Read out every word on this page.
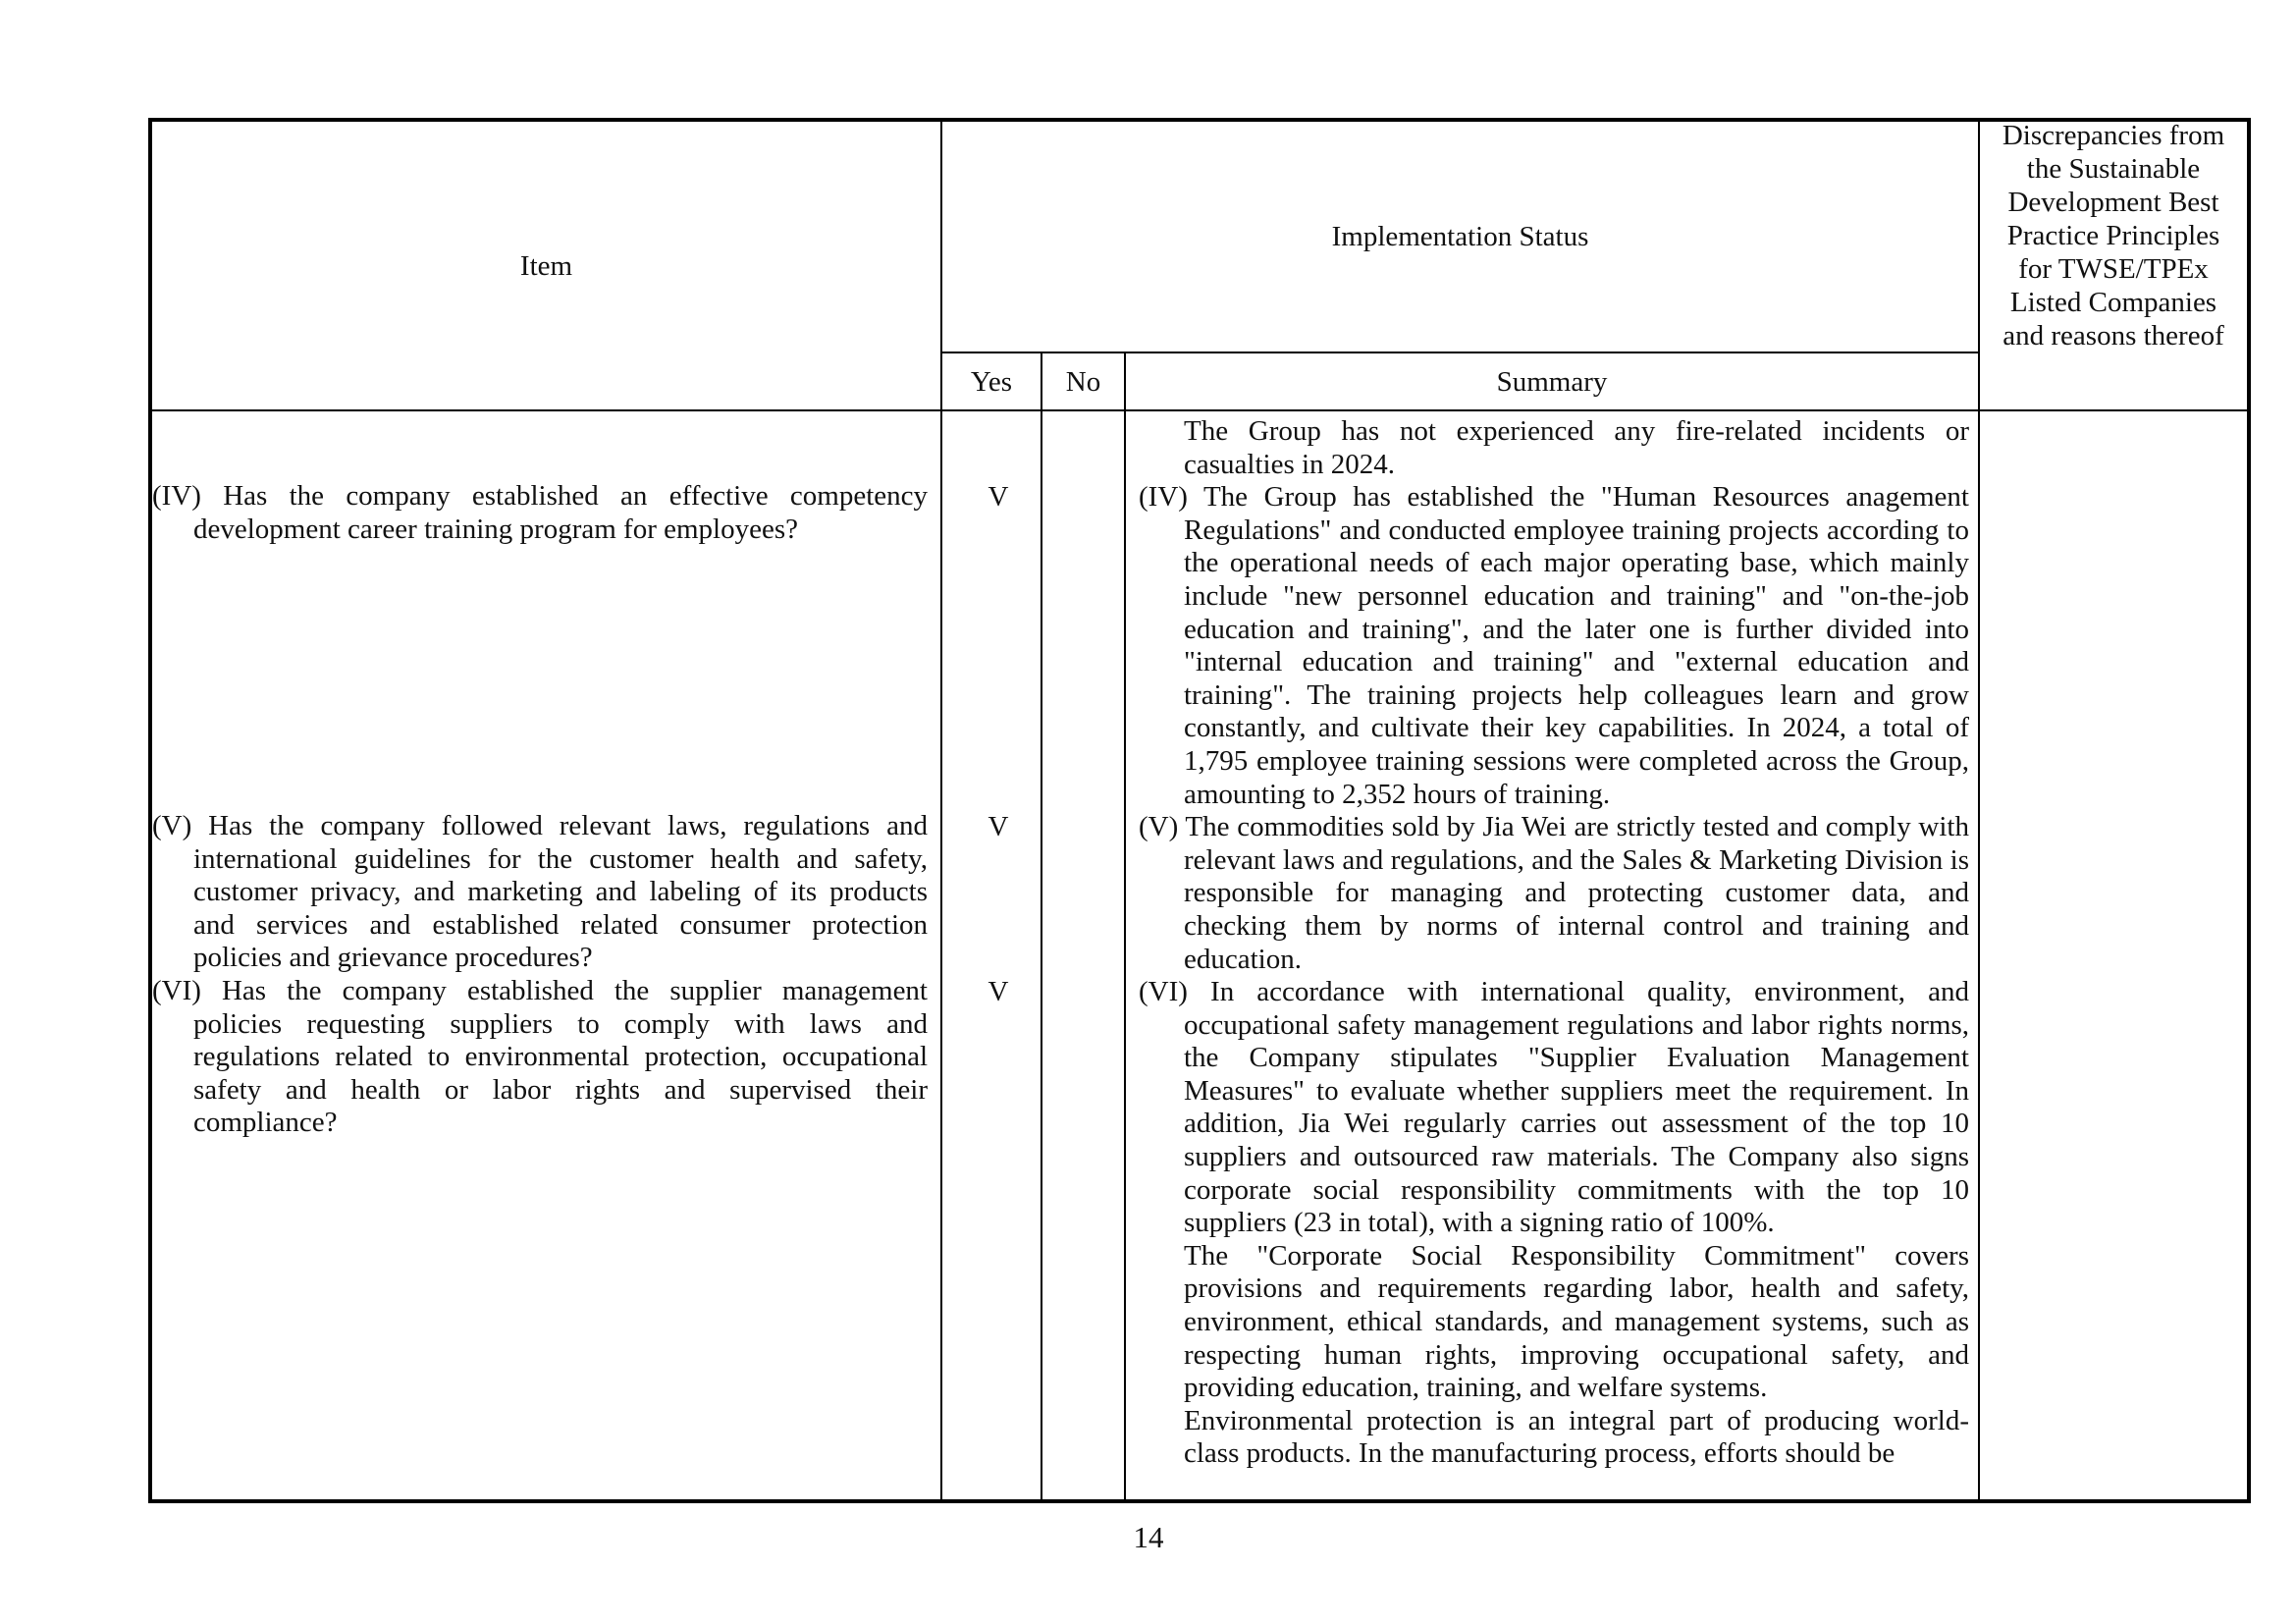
Item
Implementation Status
Yes	No	Summary
Discrepancies from
the Sustainable
Development Best
Practice Principles
for TWSE/TPEx
Listed Companies
and reasons thereof
(IV) Has the company established an effective competency development career training program for employees?
(V) Has the company followed relevant laws, regulations and international guidelines for the customer health and safety, customer privacy, and marketing and labeling of its products and services and established related consumer protection policies and grievance procedures?
(VI) Has the company established the supplier management policies requesting suppliers to comply with laws and regulations related to environmental protection, occupational safety and health or labor rights and supervised their compliance?
V
V
V

The Group has not experienced any fire-related incidents or casualties in 2024.

(IV) The Group has established the "Human Resources anagement Regulations" and conducted employee training projects according to the operational needs of each major operating base, which mainly include "new personnel education and training" and "on-the-job education and training", and the later one is further divided into "internal education and training" and "external education and training". The training projects help colleagues learn and grow constantly, and cultivate their key capabilities. In 2024, a total of 1,795 employee training sessions were completed across the Group, amounting to 2,352 hours of training.

(V) The commodities sold by Jia Wei are strictly tested and comply with relevant laws and regulations, and the Sales & Marketing Division is responsible for managing and protecting customer data, and checking them by norms of internal control and training and education.

(VI) In accordance with international quality, environment, and occupational safety management regulations and labor rights norms, the Company stipulates "Supplier Evaluation Management Measures" to evaluate whether suppliers meet the requirement. In addition, Jia Wei regularly carries out assessment of the top 10 suppliers and outsourced raw materials. The Company also signs corporate social responsibility commitments with the top 10 suppliers (23 in total), with a signing ratio of 100%.

The "Corporate Social Responsibility Commitment" covers provisions and requirements regarding labor, health and safety, environment, ethical standards, and management systems, such as respecting human rights, improving occupational safety, and providing education, training, and welfare systems.

Environmental protection is an integral part of producing world-class products. In the manufacturing process, efforts should be

14
